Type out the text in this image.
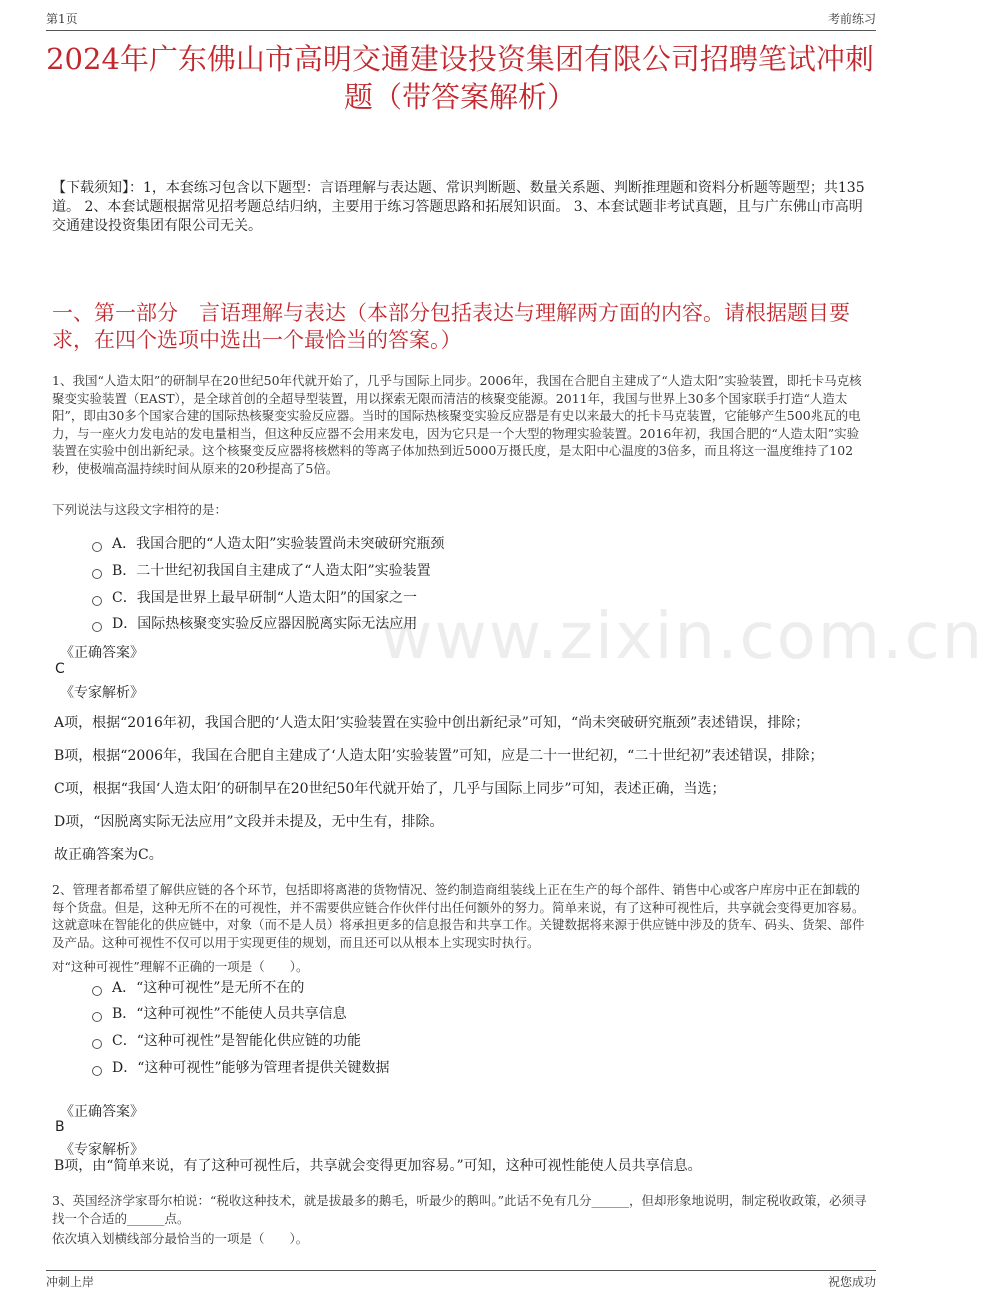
第1页	考前练习
2024年广东佛山市高明交通建设投资集团有限公司招聘笔试冲刺题（带答案解析）
【下载须知】：1，本套练习包含以下题型：言语理解与表达题、常识判断题、数量关系题、判断推理题和资料分析题等题型；共135道。 2、本套试题根据常见招考题总结归纳，主要用于练习答题思路和拓展知识面。 3、本套试题非考试真题，且与广东佛山市高明交通建设投资集团有限公司无关。
一、第一部分　言语理解与表达（本部分包括表达与理解两方面的内容。请根据题目要求，在四个选项中选出一个最恰当的答案。）

1、我国“人造太阳”的研制早在20世纪50年代就开始了，几乎与国际上同步。2006年，我国在合肥自主建成了“人造太阳”实验装置，即托卡马克核聚变实验装置（EAST），是全球首创的全超导型装置，用以探索无限而清洁的核聚变能源。2011年，我国与世界上30多个国家联手打造“人造太阳”，即由30多个国家合建的国际热核聚变实验反应器。当时的国际热核聚变实验反应器是有史以来最大的托卡马克装置，它能够产生500兆瓦的电力，与一座火力发电站的发电量相当，但这种反应器不会用来发电，因为它只是一个大型的物理实验装置。2016年初，我国合肥的“人造太阳”实验装置在实验中创出新纪录。这个核聚变反应器将核燃料的等离子体加热到近5000万摄氏度，是太阳中心温度的3倍多，而且将这一温度维持了102秒，使极端高温持续时间从原来的20秒提高了5倍。

下列说法与这段文字相符的是：

A．我国合肥的“人造太阳”实验装置尚未突破研究瓶颈
B．二十世纪初我国自主建成了“人造太阳”实验装置
C．我国是世界上最早研制“人造太阳”的国家之一
D．国际热核聚变实验反应器因脱离实际无法应用
《正确答案》
C
《专家解析》
A项，根据“2016年初，我国合肥的‘人造太阳’实验装置在实验中创出新纪录”可知，“尚未突破研究瓶颈”表述错误，排除；
B项，根据“2006年，我国在合肥自主建成了‘人造太阳’实验装置”可知，应是二十一世纪初，“二十世纪初”表述错误，排除；
C项，根据“我国‘人造太阳’的研制早在20世纪50年代就开始了，几乎与国际上同步”可知，表述正确，当选；
D项，“因脱离实际无法应用”文段并未提及，无中生有，排除。
故正确答案为C。

2、管理者都希望了解供应链的各个环节，包括即将离港的货物情况、签约制造商组装线上正在生产的每个部件、销售中心或客户库房中正在卸载的每个货盘。但是，这种无所不在的可视性，并不需要供应链合作伙伴付出任何额外的努力。简单来说，有了这种可视性后，共享就会变得更加容易。这就意味在智能化的供应链中，对象（而不是人员）将承担更多的信息报告和共享工作。关键数据将来源于供应链中涉及的货车、码头、货架、部件及产品。这种可视性不仅可以用于实现更佳的规划，而且还可以从根本上实现实时执行。

对“这种可视性”理解不正确的一项是（　　）。

A．“这种可视性”是无所不在的
B．“这种可视性”不能使人员共享信息
C．“这种可视性”是智能化供应链的功能
D．“这种可视性”能够为管理者提供关键数据
《正确答案》
B
《专家解析》
B项，由“简单来说，有了这种可视性后，共享就会变得更加容易。”可知，这种可视性能使人员共享信息。

3、英国经济学家哥尔柏说：“税收这种技术，就是拔最多的鹅毛，听最少的鹅叫。”此话不免有几分______，但却形象地说明，制定税收政策，必须寻找一个合适的______点。

依次填入划横线部分最恰当的一项是（　　）。

www.zixin.com.cn
冲刺上岸	祝您成功
